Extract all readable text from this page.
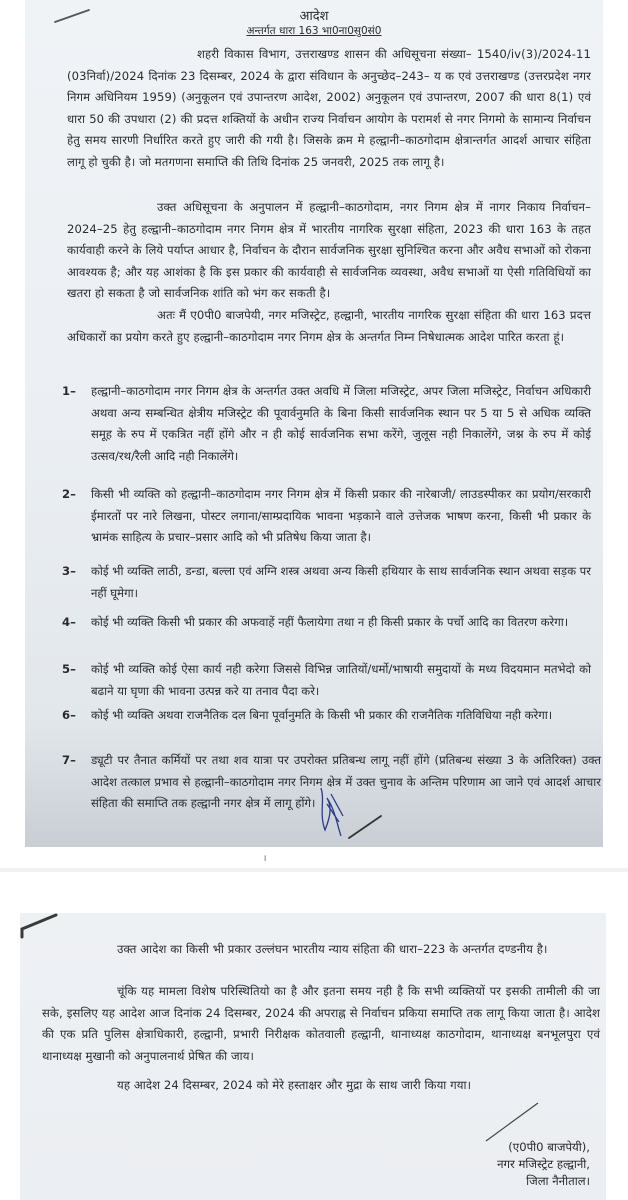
आदेश
अन्तर्गत धारा 163 भा0ना0सु0सं0
शहरी विकास विभाग, उत्तराखण्ड शासन की अधिसूचना संख्या– 1540/iv(3)/2024-11 (03निर्वा)/2024 दिनांक 23 दिसम्बर, 2024 के द्वारा संविधान के अनुच्छेद–243– य क एवं उत्तराखण्ड (उत्तरप्रदेश नगर निगम अधिनियम 1959) (अनुकूलन एवं उपान्तरण आदेश, 2002) अनुकूलन एवं उपान्तरण, 2007 की धारा 8(1) एवं धारा 50 की उपधारा (2) की प्रदत्त शक्तियों के अधीन राज्य निर्वाचन आयोग के परामर्श से नगर निगमो के सामान्य निर्वाचन हेतु समय सारणी निर्धारित करते हुए जारी की गयी है। जिसके क्रम मे हल्द्वानी–काठगोदाम क्षेत्रान्तर्गत आदर्श आचार संहिता लागू हो चुकी है। जो मतगणना समाप्ति की तिथि दिनांक 25 जनवरी, 2025 तक लागू है।
उक्त अधिसूचना के अनुपालन में हल्द्वानी–काठगोदाम, नगर निगम क्षेत्र में नागर निकाय निर्वाचन–2024–25 हेतु हल्द्वानी–काठगोदाम नगर निगम क्षेत्र में भारतीय नागरिक सुरक्षा संहिता, 2023 की धारा 163 के तहत कार्यवाही करने के लिये पर्याप्त आधार है, निर्वाचन के दौरान सार्वजनिक सुरक्षा सुनिश्चित करना और अवैध सभाओं को रोकना आवश्यक है; और यह आशंका है कि इस प्रकार की कार्यवाही से सार्वजनिक व्यवस्था, अवैध सभाओं या ऐसी गतिविधियों का खतरा हो सकता है जो सार्वजनिक शांति को भंग कर सकती है।
अतः मैं ए0पी0 बाजपेयी, नगर मजिस्ट्रेट, हल्द्वानी, भारतीय नागरिक सुरक्षा संहिता की धारा 163 प्रदत्त अधिकारों का प्रयोग करते हुए हल्द्वानी–काठगोदाम नगर निगम क्षेत्र के अन्तर्गत निम्न निषेधात्मक आदेश पारित करता हूं।
1– हल्द्वानी–काठगोदाम नगर निगम क्षेत्र के अन्तर्गत उक्त अवधि में जिला मजिस्ट्रेट, अपर जिला मजिस्ट्रेट, निर्वाचन अधिकारी अथवा अन्य सम्बन्धित क्षेत्रीय मजिस्ट्रेट की पूवार्वनुमति के बिना किसी सार्वजनिक स्थान पर 5 या 5 से अधिक व्यक्ति समूह के रुप में एकत्रित नहीं होंगे और न ही कोई सार्वजनिक सभा करेंगे, जुलूस नही निकालेंगे, जश्न के रुप में कोई उत्सव/रथ/रैली आदि नही निकालेंगे।
2– किसी भी व्यक्ति को हल्द्वानी–काठगोदाम नगर निगम क्षेत्र में किसी प्रकार की नारेबाजी/ लाउडस्पीकर का प्रयोग/सरकारी ईमारतों पर नारे लिखना, पोस्टर लगाना/साम्प्रदायिक भावना भड़काने वाले उत्तेजक भाषण करना, किसी भी प्रकार के भ्रामंक साहित्य के प्रचार–प्रसार आदि को भी प्रतिषेध किया जाता है।
3– कोई भी व्यक्ति लाठी, डन्डा, बल्ला एवं अग्नि शस्त्र अथवा अन्य किसी हथियार के साथ सार्वजनिक स्थान अथवा सड़क पर नहीं घूमेगा।
4– कोई भी व्यक्ति किसी भी प्रकार की अफवाहें नहीं फैलायेगा तथा न ही किसी प्रकार के पर्चो आदि का वितरण करेगा।
5– कोई भी व्यक्ति कोई ऐसा कार्य नही करेगा जिससे विभिन्न जातियों/धर्मो/भाषायी समुदायों के मध्य विदयमान मतभेदो को बढाने या घृणा की भावना उत्पन्न करे या तनाव पैदा करे।
6– कोई भी व्यक्ति अथवा राजनैतिक दल बिना पूर्वानुमति के किसी भी प्रकार की राजनैतिक गतिविधिया नही करेगा।
7– ड्यूटी पर तैनात कर्मियों पर तथा शव यात्रा पर उपरोक्त प्रतिबन्ध लागू नहीं होंगे (प्रतिबन्ध संख्या 3 के अतिरिक्त) उक्त आदेश तत्काल प्रभाव से हल्द्वानी–काठगोदाम नगर निगम क्षेत्र में उक्त चुनाव के अन्तिम परिणाम आ जाने एवं आदर्श आचार संहिता की समाप्ति तक हल्द्वानी नगर क्षेत्र में लागू होंगे।
।
उक्त आदेश का किसी भी प्रकार उल्लंघन भारतीय न्याय संहिता की धारा–223 के अन्तर्गत दण्डनीय है।
चूंकि यह मामला विशेष परिस्थितियो का है और इतना समय नही है कि सभी व्यक्तियों पर इसकी तामीली की जा सके, इसलिए यह आदेश आज दिनांक 24 दिसम्बर, 2024 की अपराह्न से निर्वाचन प्रकिया समाप्ति तक लागू किया जाता है। आदेश की एक प्रति पुलिस क्षेत्राधिकारी, हल्द्वानी, प्रभारी निरीक्षक कोतवाली हल्द्वानी, थानाध्यक्ष काठगोदाम, थानाध्यक्ष बनभूलपुरा एवं थानाध्यक्ष मुखानी को अनुपालनार्थ प्रेषित की जाय।
यह आदेश 24 दिसम्बर, 2024 को मेरे हस्ताक्षर और मुद्रा के साथ जारी किया गया।
(ए0पी0 बाजपेयी),
नगर मजिस्ट्रेट हल्द्वानी,
जिला नैनीताल।
